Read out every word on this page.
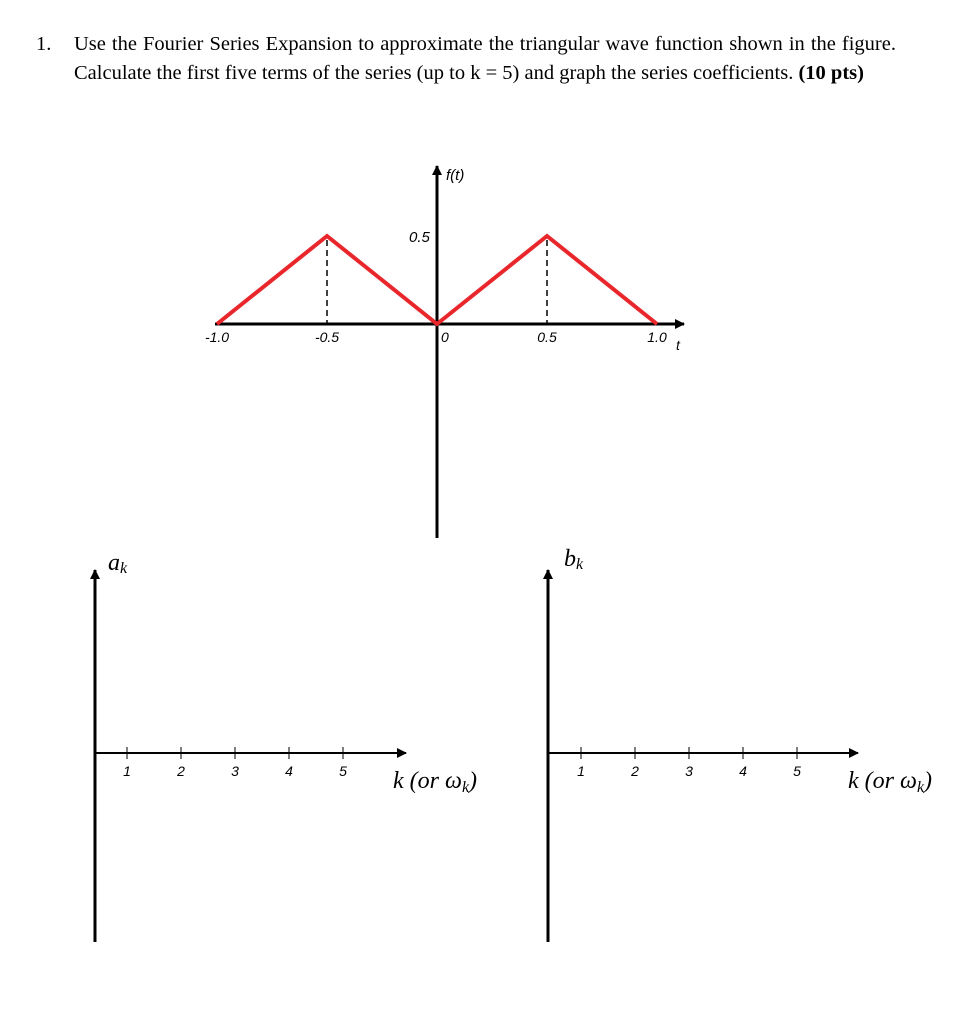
1. Use the Fourier Series Expansion to approximate the triangular wave function shown in the figure. Calculate the first five terms of the series (up to k = 5) and graph the series coefficients. (10 pts)
f(t)
0.5
t
0
-1.0	-0.5	0.5	1.0
ak
k (or ωk)
1	2	3	4	5
bk
k (or ωk)
1	2	3	4	5
